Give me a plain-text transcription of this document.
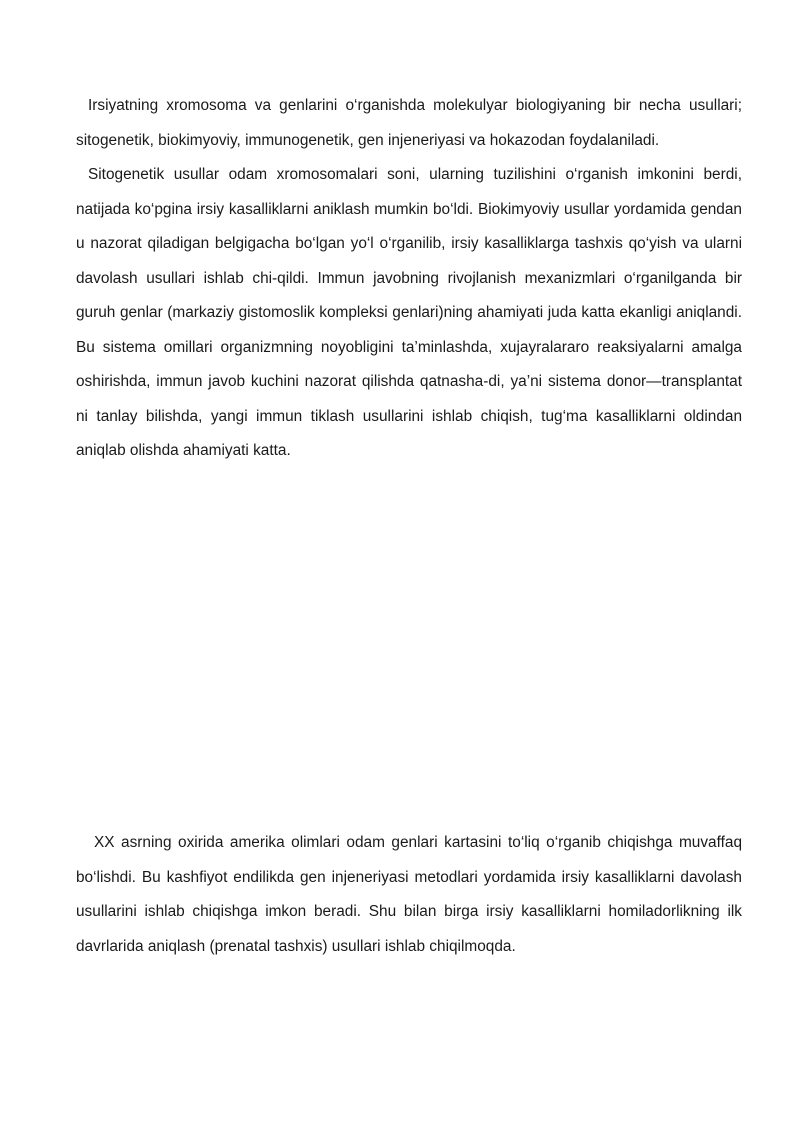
Irsiyatning xromosoma va genlarini o‘rganishda molekulyar biologiyaning bir necha usullari; sitogenetik, biokimyoviy, immunogenetik, gen injeneriyasi va hokazodan foydalaniladi.

Sitogenetik usullar odam xromosomalari soni, ularning tuzilishini o‘rganish imkonini berdi, natijada ko‘pgina irsiy kasalliklarni aniklash mumkin bo‘ldi. Biokimyoviy usullar yordamida gendan u nazorat qiladigan belgigacha bo‘lgan yo‘l o‘rganilib, irsiy kasalliklarga tashxis qo‘yish va ularni davolash usullari ishlab chi-qildi. Immun javobning rivojlanish mexanizmlari o‘rganilganda bir guruh genlar (markaziy gistomoslik kompleksi genlari)ning ahamiyati juda katta ekanligi aniqlandi. Bu sistema omillari organizmning noyobligini ta’minlashda, xujayralararo reaksiyalarni amalga oshirishda, immun javob kuchini nazorat qilishda qatnasha-di, ya’ni sistema donor—transplantat ni tanlay bilishda, yangi immun tiklash usullarini ishlab chiqish, tug‘ma kasalliklarni oldindan aniqlab olishda ahamiyati katta.

XX asrning oxirida amerika olimlari odam genlari kartasini to‘liq o‘rganib chiqishga muvaffaq bo‘lishdi. Bu kashfiyot endilikda gen injeneriyasi metodlari yordamida irsiy kasalliklarni davolash usullarini ishlab chiqishga imkon beradi. Shu bilan birga irsiy kasalliklarni homiladorlikning ilk davrlarida aniqlash (prenatal tashxis) usullari ishlab chiqilmoqda.
